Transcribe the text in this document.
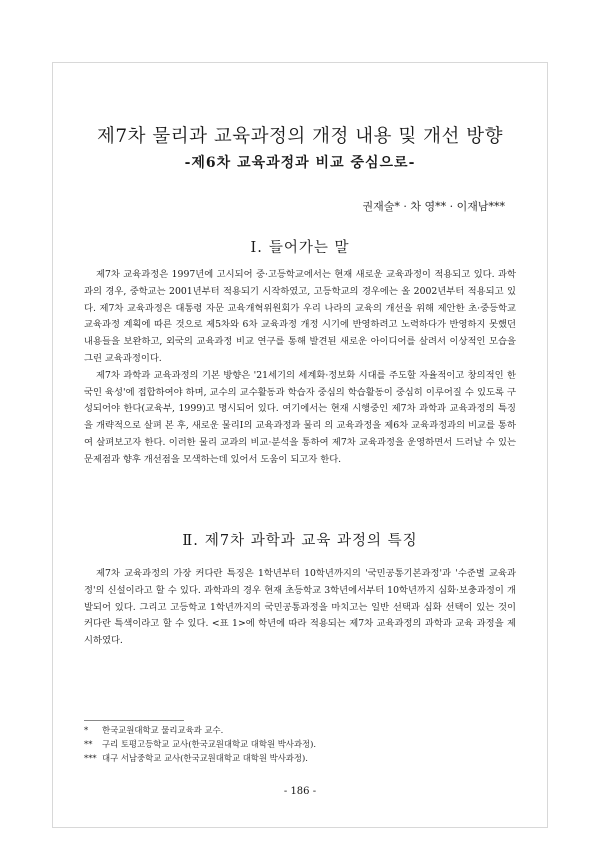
제7차 물리과 교육과정의 개정 내용 및 개선 방향
-제6차 교육과정과 비교 중심으로-

권재술* · 차 영** · 이재남***

Ⅰ. 들어가는 말

제7차 교육과정은 1997년에 고시되어 중·고등학교에서는 현재 새로운 교육과정이 적용되고 있다. 과학과의 경우, 중학교는 2001년부터 적용되기 시작하였고, 고등학교의 경우에는 올 2002년부터 적용되고 있다. 제7차 교육과정은 대통령 자문 교육개혁위원회가 우리 나라의 교육의 개선을 위해 제안한 초·중등학교 교육과정 계획에 따른 것으로 제5차와 6차 교육과정 개정 시기에 반영하려고 노력하다가 반영하지 못했던 내용들을 보완하고, 외국의 교육과정 비교 연구를 통해 발견된 새로운 아이디어를 살려서 이상적인 모습을 그린 교육과정이다.

제7차 과학과 교육과정의 기본 방향은 '21세기의 세계화·정보화 시대를 주도할 자율적이고 창의적인 한국인 육성'에 접합하여야 하며, 교수의 교수활동과 학습자 중심의 학습활동이 중심히 이루어질 수 있도록 구성되어야 한다(교육부, 1999)고 명시되어 있다. 여기에서는 현재 시행중인 제7차 과학과 교육과정의 특징을 개략적으로 살펴 본 후, 새로운 물리Ⅰ의 교육과정과 물리 의 교육과정을 제6차 교육과정과의 비교를 통하여 살펴보고자 한다. 이러한 물리 교과의 비교·분석을 통하여 제7차 교육과정을 운영하면서 드러날 수 있는 문제점과 향후 개선점을 모색하는데 있어서 도움이 되고자 한다.

Ⅱ. 제7차 과학과 교육 과정의 특징

제7차 교육과정의 가장 커다란 특징은 1학년부터 10학년까지의 '국민공통기본과정'과 '수준별 교육과정'의 신설이라고 할 수 있다. 과학과의 경우 현재 초등학교 3학년에서부터 10학년까지 심화·보충과정이 개발되어 있다. 그리고 고등학교 1학년까지의 국민공통과정을 마치고는 일반 선택과 심화 선택이 있는 것이 커다란 특색이라고 할 수 있다. <표 1>에 학년에 따라 적용되는 제7차 교육과정의 과학과 교육 과정을 제시하였다.

*	한국교원대학교 물리교육과 교수.
**	구리 토평고등학교 교사(한국교원대학교 대학원 박사과정).
*** 대구 서남중학교 교사(한국교원대학교 대학원 박사과정).
- 186 -
